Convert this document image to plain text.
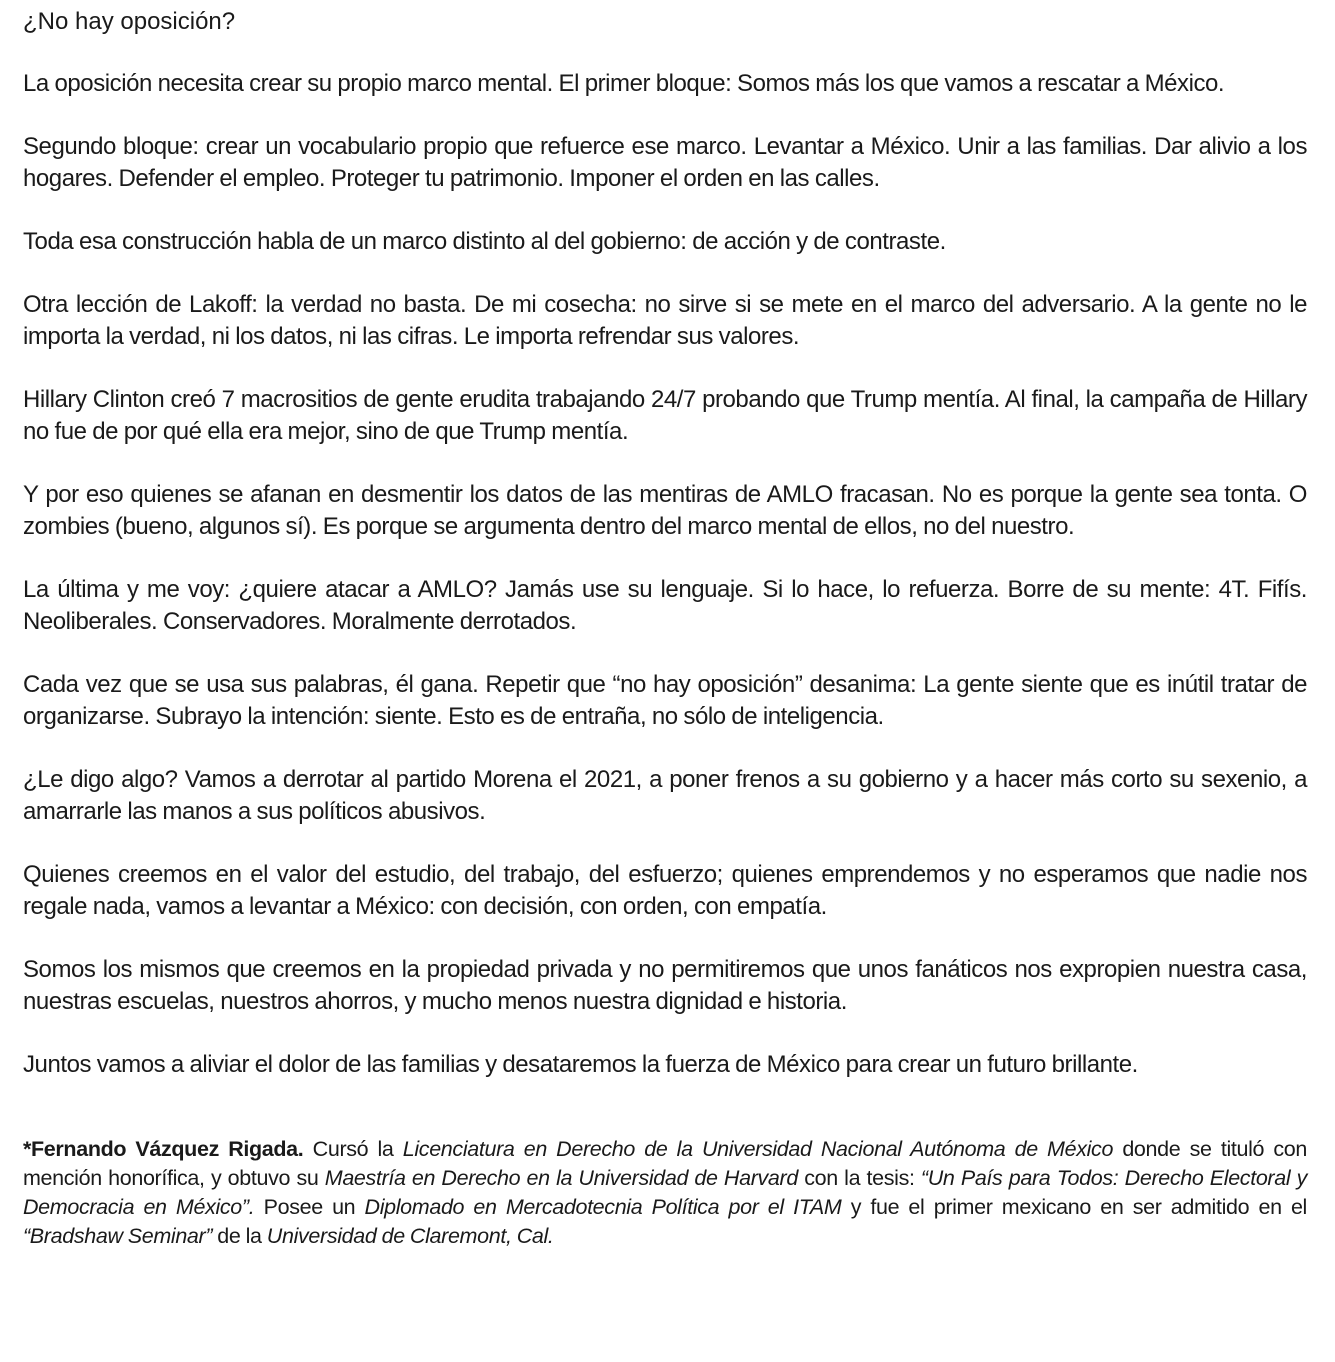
¿No hay oposición?

La oposición necesita crear su propio marco mental. El primer bloque: Somos más los que vamos a rescatar a México.

Segundo bloque: crear un vocabulario propio que refuerce ese marco. Levantar a México. Unir a las familias. Dar alivio a los hogares. Defender el empleo. Proteger tu patrimonio. Imponer el orden en las calles.

Toda esa construcción habla de un marco distinto al del gobierno: de acción y de contraste.

Otra lección de Lakoff: la verdad no basta. De mi cosecha: no sirve si se mete en el marco del adversario. A la gente no le importa la verdad, ni los datos, ni las cifras. Le importa refrendar sus valores.

Hillary Clinton creó 7 macrositios de gente erudita trabajando 24/7 probando que Trump mentía. Al final, la campaña de Hillary no fue de por qué ella era mejor, sino de que Trump mentía.

Y por eso quienes se afanan en desmentir los datos de las mentiras de AMLO fracasan. No es porque la gente sea tonta. O zombies (bueno, algunos sí). Es porque se argumenta dentro del marco mental de ellos, no del nuestro.

La última y me voy: ¿quiere atacar a AMLO? Jamás use su lenguaje. Si lo hace, lo refuerza. Borre de su mente: 4T. Fifís. Neoliberales. Conservadores. Moralmente derrotados.

Cada vez que se usa sus palabras, él gana. Repetir que “no hay oposición” desanima: La gente siente que es inútil tratar de organizarse. Subrayo la intención: siente. Esto es de entraña, no sólo de inteligencia.

¿Le digo algo? Vamos a derrotar al partido Morena el 2021, a poner frenos a su gobierno y a hacer más corto su sexenio, a amarrarle las manos a sus políticos abusivos.

Quienes creemos en el valor del estudio, del trabajo, del esfuerzo; quienes emprendemos y no esperamos que nadie nos regale nada, vamos a levantar a México: con decisión, con orden, con empatía.

Somos los mismos que creemos en la propiedad privada y no permitiremos que unos fanáticos nos expropien nuestra casa, nuestras escuelas, nuestros ahorros, y mucho menos nuestra dignidad e historia.

Juntos vamos a aliviar el dolor de las familias y desataremos la fuerza de México para crear un futuro brillante.

*Fernando Vázquez Rigada. Cursó la Licenciatura en Derecho de la Universidad Nacional Autónoma de México donde se tituló con mención honorífica, y obtuvo su Maestría en Derecho en la Universidad de Harvard con la tesis: “Un País para Todos: Derecho Electoral y Democracia en México”. Posee un Diplomado en Mercadotecnia Política por el ITAM y fue el primer mexicano en ser admitido en el “Bradshaw Seminar” de la Universidad de Claremont, Cal.
